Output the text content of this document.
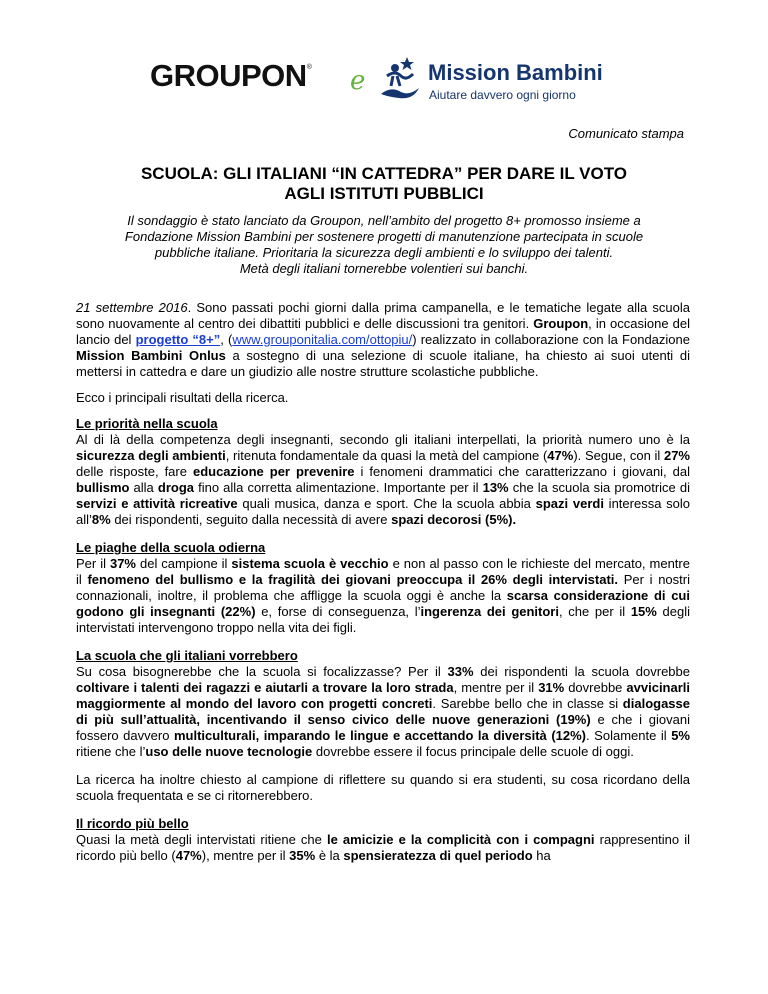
GROUPON® e	Mission Bambini
Aiutare davvero ogni giorno
Comunicato stampa
SCUOLA: GLI ITALIANI “IN CATTEDRA” PER DARE IL VOTO
AGLI ISTITUTI PUBBLICI
Il sondaggio è stato lanciato da Groupon, nell’ambito del progetto 8+ promosso insieme a
Fondazione Mission Bambini per sostenere progetti di manutenzione partecipata in scuole
pubbliche italiane. Prioritaria la sicurezza degli ambienti e lo sviluppo dei talenti.
Metà degli italiani tornerebbe volentieri sui banchi.

21 settembre 2016. Sono passati pochi giorni dalla prima campanella, e le tematiche legate alla scuola sono nuovamente al centro dei dibattiti pubblici e delle discussioni tra genitori. Groupon, in occasione del lancio del progetto “8+”, (www.grouponitalia.com/ottopiu/) realizzato in collaborazione con la Fondazione Mission Bambini Onlus a sostegno di una selezione di scuole italiane, ha chiesto ai suoi utenti di mettersi in cattedra e dare un giudizio alle nostre strutture scolastiche pubbliche.

Ecco i principali risultati della ricerca.

Le priorità nella scuola
Al di là della competenza degli insegnanti, secondo gli italiani interpellati, la priorità numero uno è la sicurezza degli ambienti, ritenuta fondamentale da quasi la metà del campione (47%). Segue, con il 27% delle risposte, fare educazione per prevenire i fenomeni drammatici che caratterizzano i giovani, dal bullismo alla droga fino alla corretta alimentazione. Importante per il 13% che la scuola sia promotrice di servizi e attività ricreative quali musica, danza e sport. Che la scuola abbia spazi verdi interessa solo all’8% dei rispondenti, seguito dalla necessità di avere spazi decorosi (5%).

Le piaghe della scuola odierna
Per il 37% del campione il sistema scuola è vecchio e non al passo con le richieste del mercato, mentre il fenomeno del bullismo e la fragilità dei giovani preoccupa il 26% degli intervistati. Per i nostri connazionali, inoltre, il problema che affligge la scuola oggi è anche la scarsa considerazione di cui godono gli insegnanti (22%) e, forse di conseguenza, l’ingerenza dei genitori, che per il 15% degli intervistati intervengono troppo nella vita dei figli.

La scuola che gli italiani vorrebbero
Su cosa bisognerebbe che la scuola si focalizzasse? Per il 33% dei rispondenti la scuola dovrebbe coltivare i talenti dei ragazzi e aiutarli a trovare la loro strada, mentre per il 31% dovrebbe avvicinarli maggiormente al mondo del lavoro con progetti concreti. Sarebbe bello che in classe si dialogasse di più sull’attualità, incentivando il senso civico delle nuove generazioni (19%) e che i giovani fossero davvero multiculturali, imparando le lingue e accettando la diversità (12%). Solamente il 5% ritiene che l’uso delle nuove tecnologie dovrebbe essere il focus principale delle scuole di oggi.

La ricerca ha inoltre chiesto al campione di riflettere su quando si era studenti, su cosa ricordano della scuola frequentata e se ci ritornerebbero.

Il ricordo più bello
Quasi la metà degli intervistati ritiene che le amicizie e la complicità con i compagni rappresentino il ricordo più bello (47%), mentre per il 35% è la spensieratezza di quel periodo ha
